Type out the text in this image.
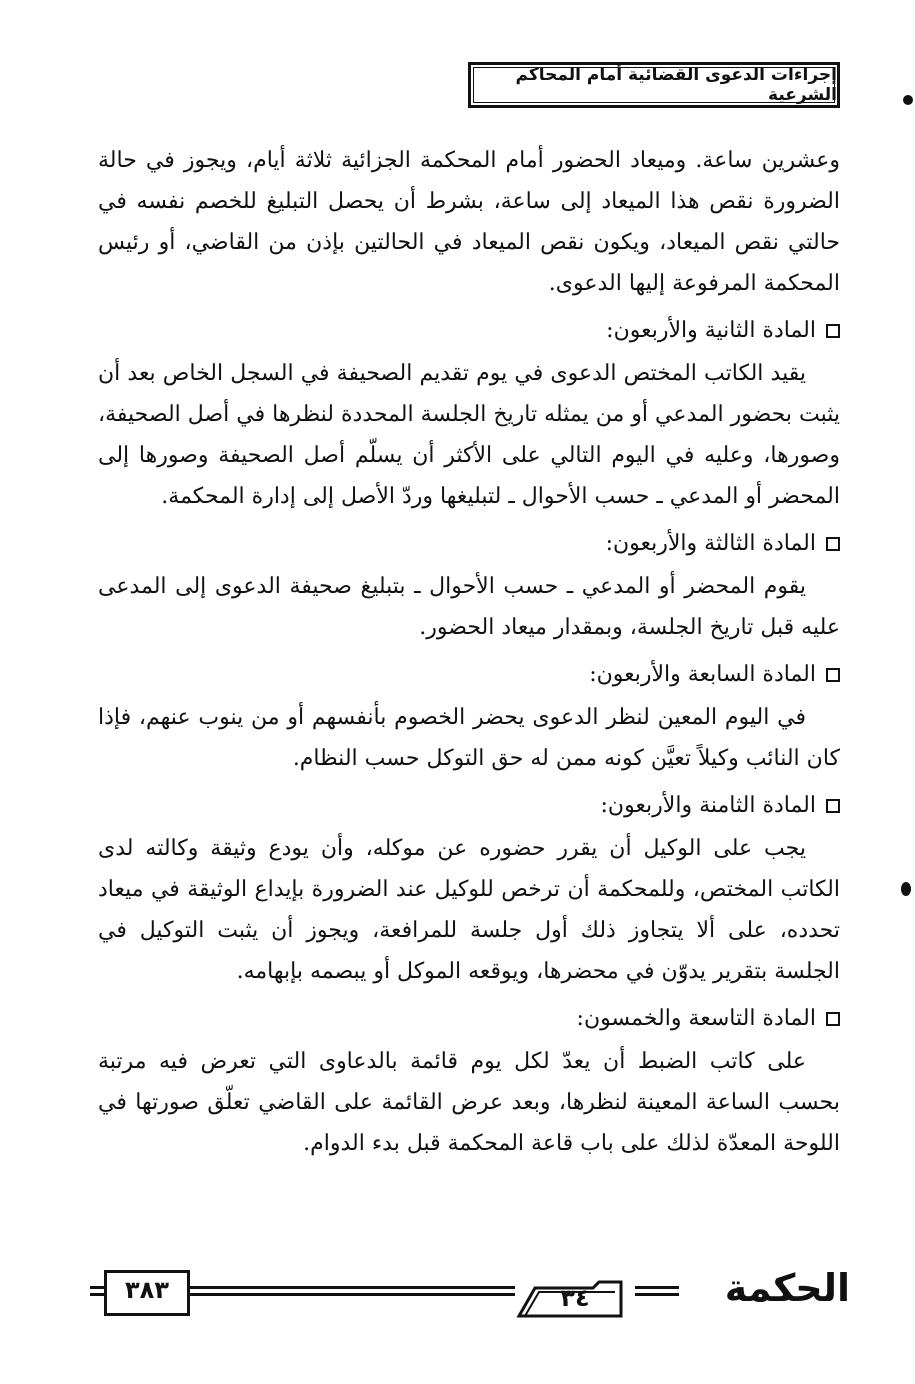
إجراءات الدعوى القضائية أمام المحاكم الشرعية

وعشرين ساعة. وميعاد الحضور أمام المحكمة الجزائية ثلاثة أيام، ويجوز في حالة الضرورة نقص هذا الميعاد إلى ساعة، بشرط أن يحصل التبليغ للخصم نفسه في حالتي نقص الميعاد، ويكون نقص الميعاد في الحالتين بإذن من القاضي، أو رئيس المحكمة المرفوعة إليها الدعوى.

المادة الثانية والأربعون:

يقيد الكاتب المختص الدعوى في يوم تقديم الصحيفة في السجل الخاص بعد أن يثبت بحضور المدعي أو من يمثله تاريخ الجلسة المحددة لنظرها في أصل الصحيفة، وصورها، وعليه في اليوم التالي على الأكثر أن يسلّم أصل الصحيفة وصورها إلى المحضر أو المدعي ـ حسب الأحوال ـ لتبليغها وردّ الأصل إلى إدارة المحكمة.

المادة الثالثة والأربعون:

يقوم المحضر أو المدعي ـ حسب الأحوال ـ بتبليغ صحيفة الدعوى إلى المدعى عليه قبل تاريخ الجلسة، وبمقدار ميعاد الحضور.

المادة السابعة والأربعون:

في اليوم المعين لنظر الدعوى يحضر الخصوم بأنفسهم أو من ينوب عنهم، فإذا كان النائب وكيلاً تعيَّن كونه ممن له حق التوكل حسب النظام.

المادة الثامنة والأربعون:

يجب على الوكيل أن يقرر حضوره عن موكله، وأن يودع وثيقة وكالته لدى الكاتب المختص، وللمحكمة أن ترخص للوكيل عند الضرورة بإيداع الوثيقة في ميعاد تحدده، على ألا يتجاوز ذلك أول جلسة للمرافعة، ويجوز أن يثبت التوكيل في الجلسة بتقرير يدوّن في محضرها، ويوقعه الموكل أو يبصمه بإبهامه.

المادة التاسعة والخمسون:

على كاتب الضبط أن يعدّ لكل يوم قائمة بالدعاوى التي تعرض فيه مرتبة بحسب الساعة المعينة لنظرها، وبعد عرض القائمة على القاضي تعلّق صورتها في اللوحة المعدّة لذلك على باب قاعة المحكمة قبل بدء الدوام.

الحكمة
٣٤
٣٨٣
